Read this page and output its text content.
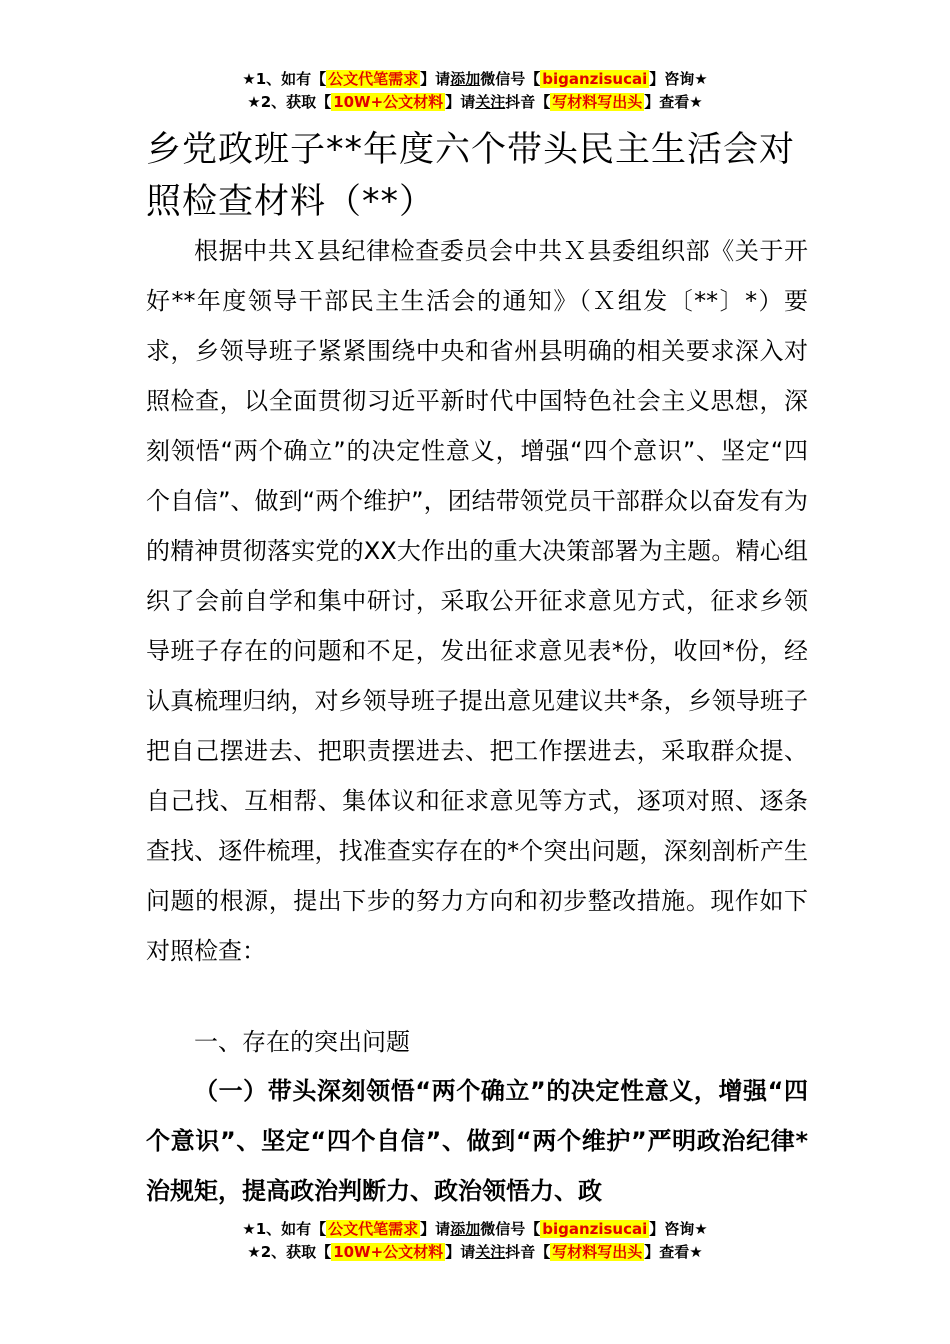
★1、如有【 公文代笔需求 】请添加微信号【 biganzisucai 】咨询★
★2、获取【 10W+公文材料 】请关注抖音【 写材料写出头 】查看★
乡党政班子**年度六个带头民主生活会对照检查材料（**）
根据中共Ｘ县纪律检查委员会中共Ｘ县委组织部《关于开好**年度领导干部民主生活会的通知》（Ｘ组发〔**〕*）要求，乡领导班子紧紧围绕中央和省州县明确的相关要求深入对照检查，以全面贯彻习近平新时代中国特色社会主义思想，深刻领悟“两个确立”的决定性意义，增强“四个意识”、坚定“四个自信”、做到“两个维护”，团结带领党员干部群众以奋发有为的精神贯彻落实党的XX大作出的重大决策部署为主题。精心组织了会前自学和集中研讨，采取公开征求意见方式，征求乡领导班子存在的问题和不足，发出征求意见表*份，收回*份，经认真梳理归纳，对乡领导班子提出意见建议共*条，乡领导班子把自己摆进去、把职责摆进去、把工作摆进去，采取群众提、自己找、互相帮、集体议和征求意见等方式，逐项对照、逐条查找、逐件梳理，找准查实存在的*个突出问题，深刻剖析产生问题的根源，提出下步的努力方向和初步整改措施。现作如下对照检查：
一、存在的突出问题
（一）带头深刻领悟“两个确立”的决定性意义，增强“四个意识”、坚定“四个自信”、做到“两个维护”严明政治纪律*治规矩，提高政治判断力、政治领悟力、政
★1、如有【 公文代笔需求 】请添加微信号【 biganzisucai 】咨询★
★2、获取【 10W+公文材料 】请关注抖音【 写材料写出头 】查看★
